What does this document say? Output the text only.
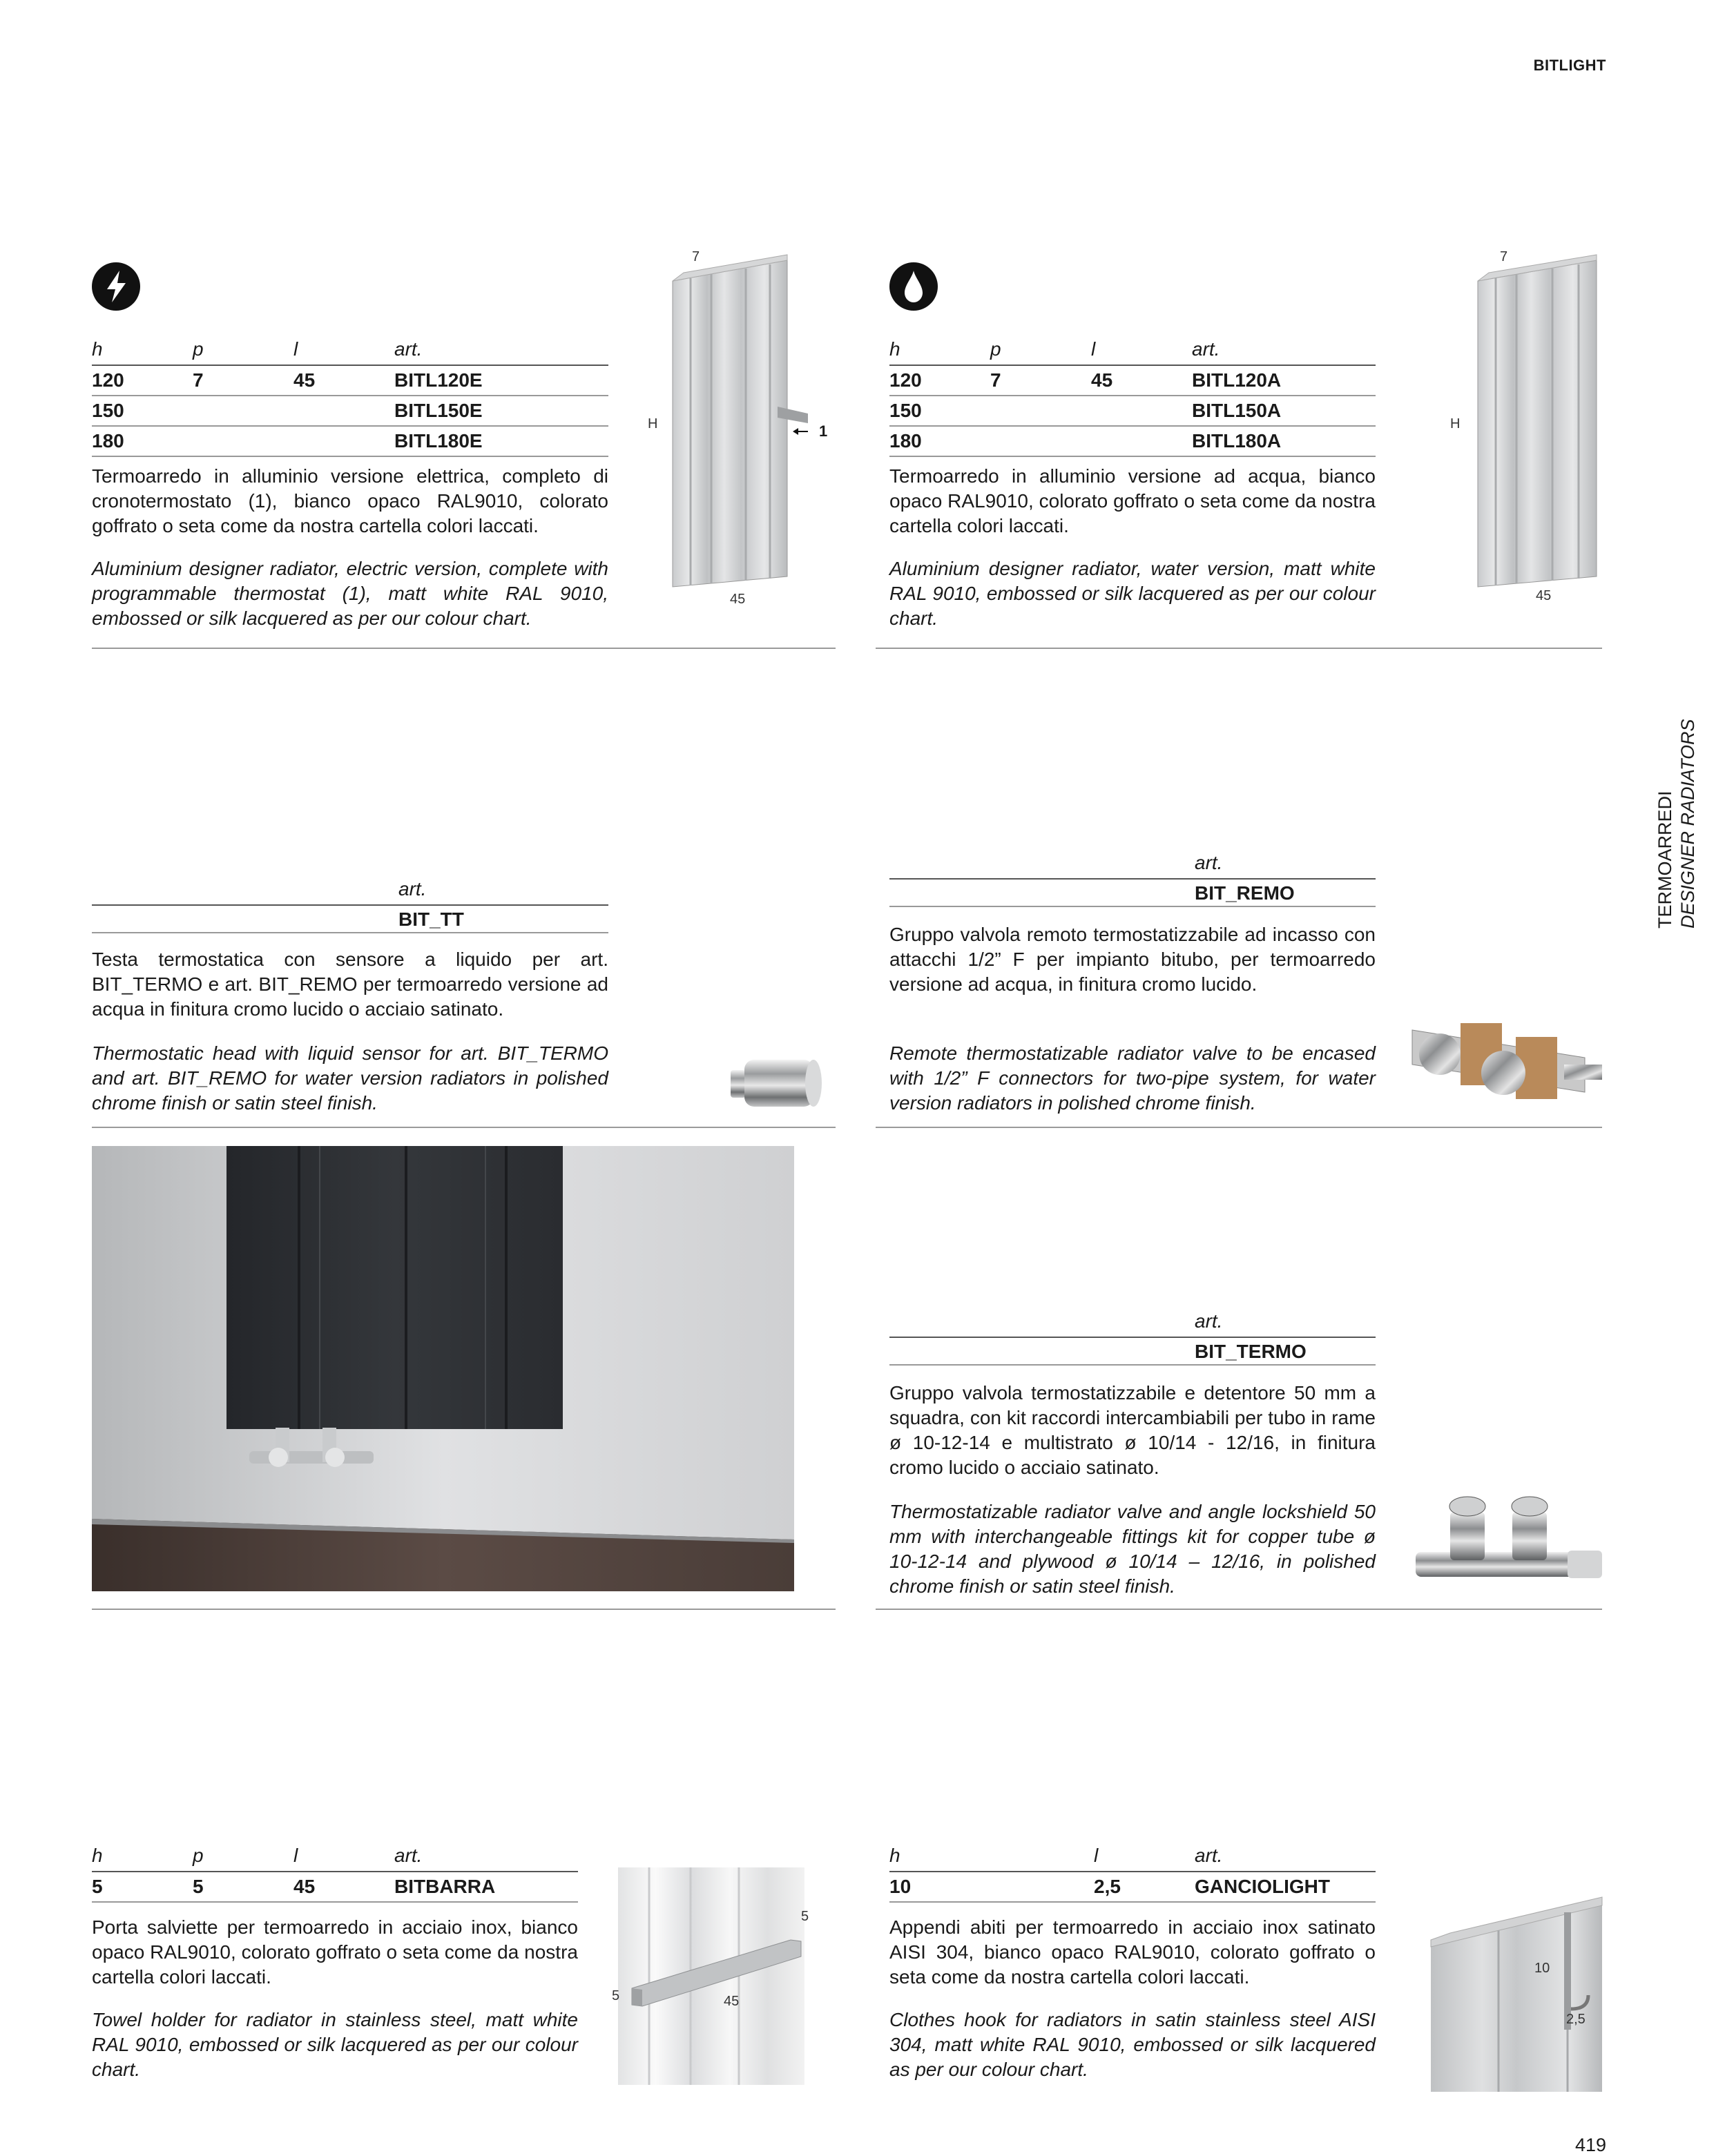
BITLIGHT
TERMOARREDI DESIGNER RADIATORS
h	p	l	art.
120	7	45	BITL120E
150			BITL150E
180			BITL180E
Termoarredo in alluminio versione elettrica, completo di cronotermostato (1), bianco opaco RAL9010, colorato goffrato o seta come da nostra cartella colori laccati.
Aluminium designer radiator, electric version, complete with programmable thermostat (1), matt white RAL 9010, embossed or silk lacquered as per our colour chart.
7
H
45
1
h	p	l	art.
120	7	45	BITL120A
150			BITL150A
180			BITL180A
Termoarredo in alluminio versione ad acqua, bianco opaco RAL9010, colorato goffrato o seta come da nostra cartella colori laccati.
Aluminium designer radiator, water version, matt white RAL 9010, embossed or silk lacquered as per our colour chart.
7
H
45
art.
BIT_TT
Testa termostatica con sensore a liquido per art. BIT_TERMO e art. BIT_REMO per termoarredo versione ad acqua in finitura cromo lucido o acciaio satinato.
Thermostatic head with liquid sensor for art. BIT_TERMO and art. BIT_REMO for water version radiators in polished chrome finish or satin steel finish.
art.
BIT_REMO
Gruppo valvola remoto termostatizzabile ad incasso con attacchi 1/2” F per impianto bitubo, per termoarredo versione ad acqua, in finitura cromo lucido.
Remote thermostatizable radiator valve to be encased with 1/2” F connectors for two-pipe system, for water version radiators in polished chrome finish.
art.
BIT_TERMO
Gruppo valvola termostatizzabile e detentore 50 mm a squadra, con kit raccordi intercambiabili per tubo in rame ø 10-12-14 e multistrato ø 10/14 - 12/16, in finitura cromo lucido o acciaio satinato.
Thermostatizable radiator valve and angle lockshield 50 mm with interchangeable fittings kit for copper tube ø 10-12-14 and plywood ø 10/14 – 12/16, in polished chrome finish or satin steel finish.
h	p	l	art.
5	5	45	BITBARRA
Porta salviette per termoarredo in acciaio inox, bianco opaco RAL9010, colorato goffrato o seta come da nostra cartella colori laccati.
Towel holder for radiator in stainless steel, matt white RAL 9010, embossed or silk lacquered as per our colour chart.
5
5	45
h	l	art.
10	2,5	GANCIOLIGHT
Appendi abiti per termoarredo in acciaio inox satinato AISI 304, bianco opaco RAL9010, colorato goffrato o seta come da nostra cartella colori laccati.
Clothes hook for radiators in satin stainless steel AISI 304, matt white RAL 9010, embossed or silk lacquered as per our colour chart.
10
2,5
419
